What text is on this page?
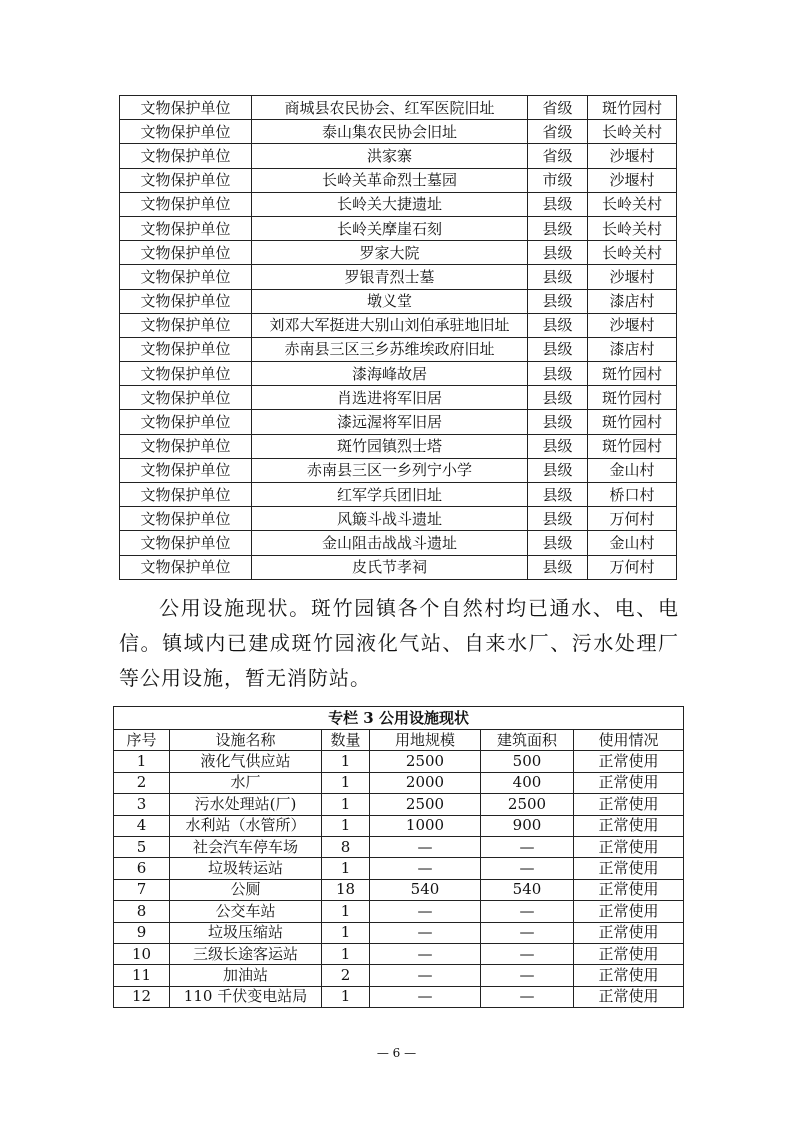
文物保护单位	商城县农民协会、红军医院旧址	省级	斑竹园村
文物保护单位	泰山集农民协会旧址	省级	长岭关村
文物保护单位	洪家寨	省级	沙堰村
文物保护单位	长岭关革命烈士墓园	市级	沙堰村
文物保护单位	长岭关大捷遗址	县级	长岭关村
文物保护单位	长岭关摩崖石刻	县级	长岭关村
文物保护单位	罗家大院	县级	长岭关村
文物保护单位	罗银青烈士墓	县级	沙堰村
文物保护单位	墩义堂	县级	漆店村
文物保护单位	刘邓大军挺进大别山刘伯承驻地旧址	县级	沙堰村
文物保护单位	赤南县三区三乡苏维埃政府旧址	县级	漆店村
文物保护单位	漆海峰故居	县级	斑竹园村
文物保护单位	肖选进将军旧居	县级	斑竹园村
文物保护单位	漆远渥将军旧居	县级	斑竹园村
文物保护单位	斑竹园镇烈士塔	县级	斑竹园村
文物保护单位	赤南县三区一乡列宁小学	县级	金山村
文物保护单位	红军学兵团旧址	县级	桥口村
文物保护单位	风簸斗战斗遗址	县级	万何村
文物保护单位	金山阻击战战斗遗址	县级	金山村
文物保护单位	皮氏节孝祠	县级	万何村

公用设施现状。斑竹园镇各个自然村均已通水、电、电信。镇域内已建成斑竹园液化气站、自来水厂、污水处理厂等公用设施，暂无消防站。

专栏 3 公用设施现状					
序号	设施名称	数量	用地规模	建筑面积	使用情况
1	液化气供应站	1	2500	500	正常使用
2	水厂	1	2000	400	正常使用
3	污水处理站(厂)	1	2500	2500	正常使用
4	水利站（水管所）	1	1000	900	正常使用
5	社会汽车停车场	8	—	—	正常使用
6	垃圾转运站	1	—	—	正常使用
7	公厕	18	540	540	正常使用
8	公交车站	1	—	—	正常使用
9	垃圾压缩站	1	—	—	正常使用
10	三级长途客运站	1	—	—	正常使用
11	加油站	2	—	—	正常使用
12	110 千伏变电站局	1	—	—	正常使用
— 6 —
